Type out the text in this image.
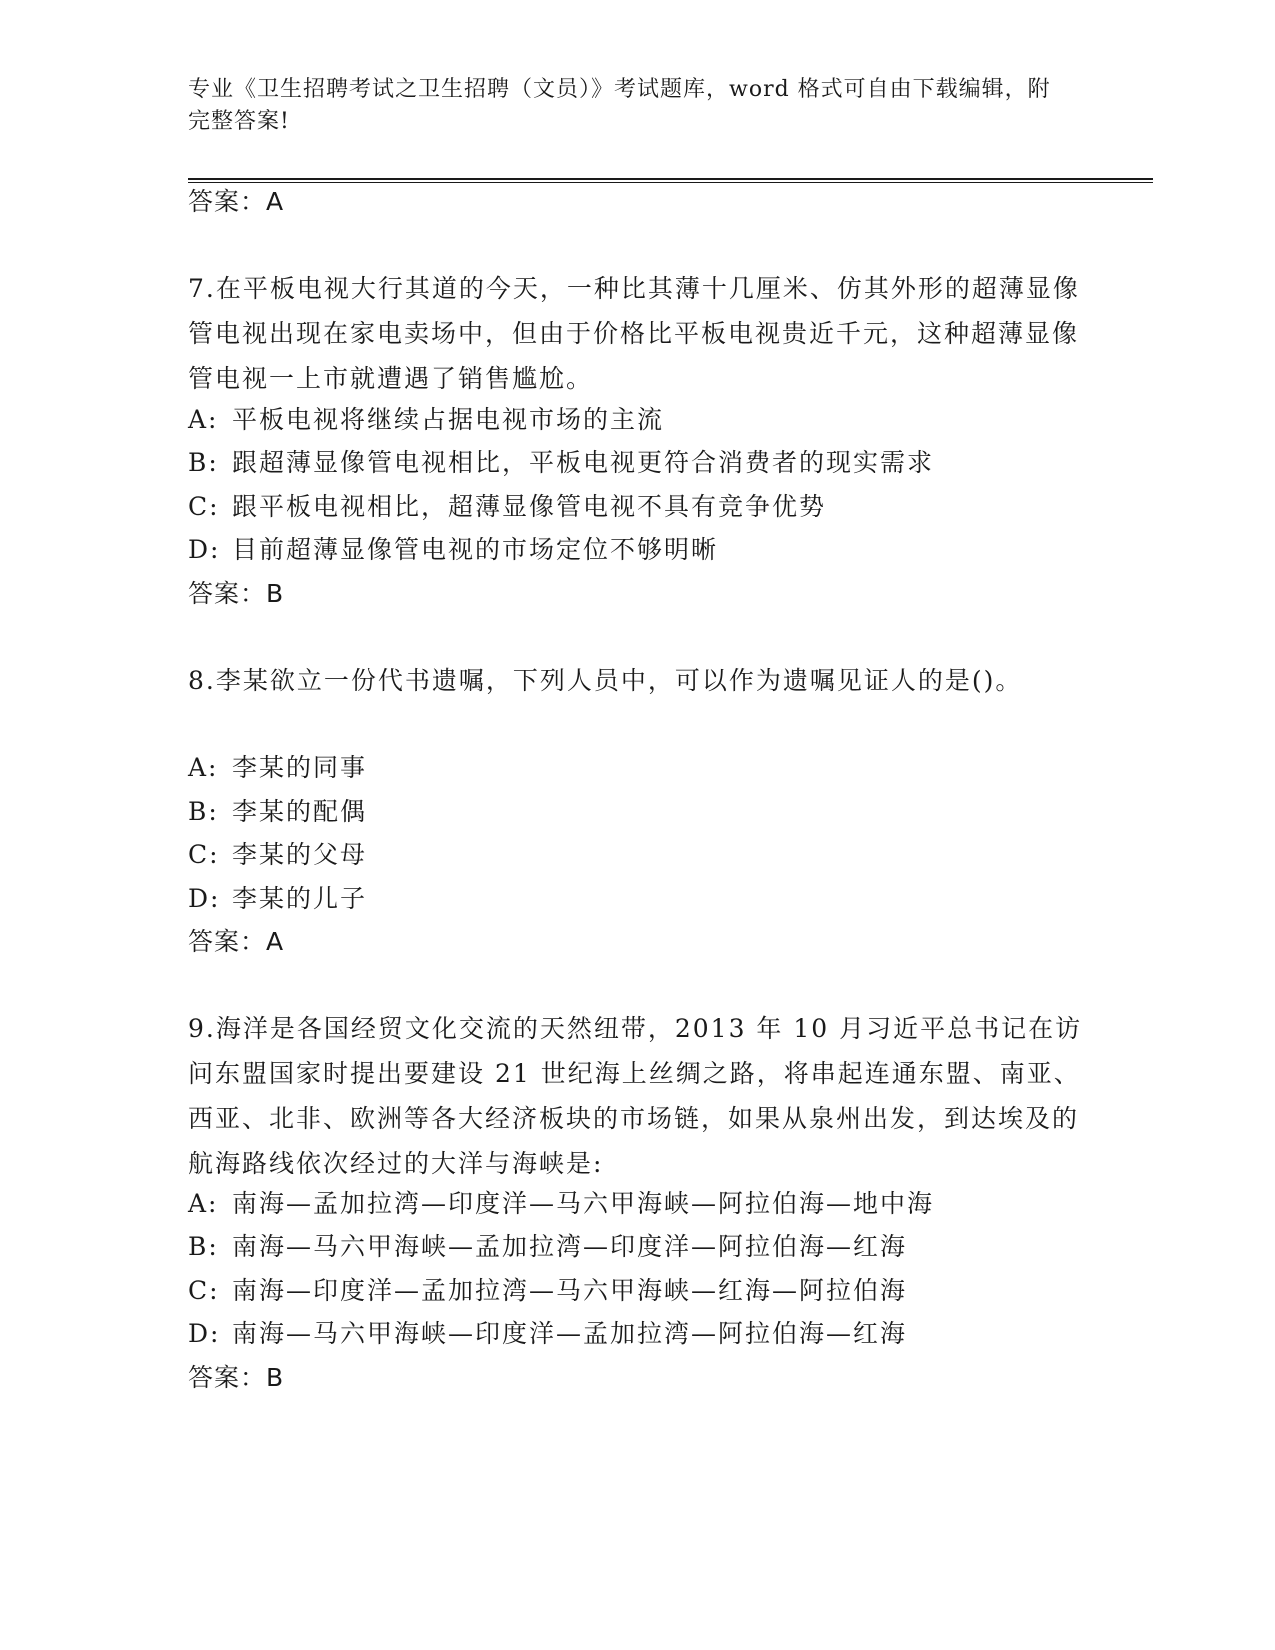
专业《卫生招聘考试之卫生招聘（文员）》考试题库，word 格式可自由下载编辑，附完整答案!
答案：A
7.在平板电视大行其道的今天，一种比其薄十几厘米、仿其外形的超薄显像管电视出现在家电卖场中，但由于价格比平板电视贵近千元，这种超薄显像管电视一上市就遭遇了销售尴尬。
A: 平板电视将继续占据电视市场的主流
B: 跟超薄显像管电视相比，平板电视更符合消费者的现实需求
C: 跟平板电视相比，超薄显像管电视不具有竞争优势
D: 目前超薄显像管电视的市场定位不够明晰
答案：B
8.李某欲立一份代书遗嘱，下列人员中，可以作为遗嘱见证人的是()。
A: 李某的同事
B: 李某的配偶
C: 李某的父母
D: 李某的儿子
答案：A
9.海洋是各国经贸文化交流的天然纽带，2013 年 10 月习近平总书记在访问东盟国家时提出要建设 21 世纪海上丝绸之路，将串起连通东盟、南亚、西亚、北非、欧洲等各大经济板块的市场链，如果从泉州出发，到达埃及的航海路线依次经过的大洋与海峡是:
A: 南海—孟加拉湾—印度洋—马六甲海峡—阿拉伯海—地中海
B: 南海—马六甲海峡—孟加拉湾—印度洋—阿拉伯海—红海
C: 南海—印度洋—孟加拉湾—马六甲海峡—红海—阿拉伯海
D: 南海—马六甲海峡—印度洋—孟加拉湾—阿拉伯海—红海
答案：B
